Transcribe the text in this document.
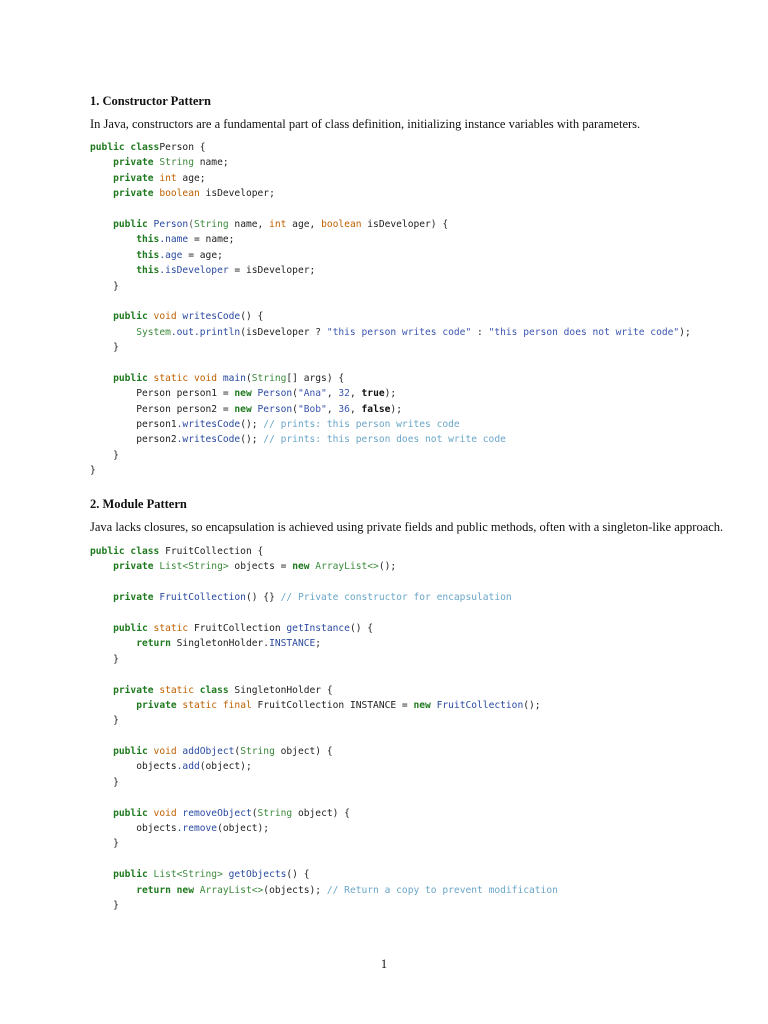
1. Constructor Pattern
In Java, constructors are a fundamental part of class definition, initializing instance variables with parameters.
public classPerson {
private String name;
private int age;
private boolean isDeveloper;
public Person(String name, int age, boolean isDeveloper) {
this.name = name;
this.age = age;
this.isDeveloper = isDeveloper;
}
public void writesCode() {
System.out.println(isDeveloper ? "this person writes code" : "this person does not write code");
}
public static void main(String[] args) {
Person person1 = new Person("Ana", 32, true);
Person person2 = new Person("Bob", 36, false);
person1.writesCode(); // prints: this person writes code
person2.writesCode(); // prints: this person does not write code
}
}
2. Module Pattern
Java lacks closures, so encapsulation is achieved using private fields and public methods, often with a singleton-like approach.
public class FruitCollection {
private List<String> objects = new ArrayList<>();
private FruitCollection() {} // Private constructor for encapsulation
public static FruitCollection getInstance() {
return SingletonHolder.INSTANCE;
}
private static class SingletonHolder {
private static final FruitCollection INSTANCE = new FruitCollection();
}
public void addObject(String object) {
objects.add(object);
}
public void removeObject(String object) {
objects.remove(object);
}
public List<String> getObjects() {
return new ArrayList<>(objects); // Return a copy to prevent modification
}
1
